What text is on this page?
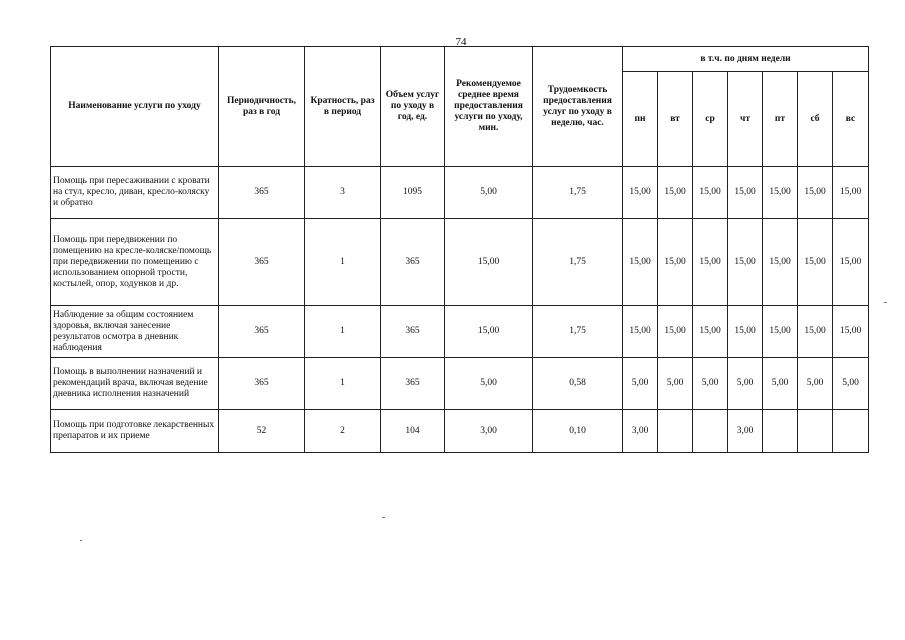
74
Наименование услуги по уходу	Периодичность, раз в год	Кратность, раз в период	Объем услуг по уходу в год, ед.	Рекомендуемое среднее время предоставления услуги по уходу, мин.	Трудоемкость предоставления услуг по уходу в неделю, час.	в т.ч. по дням недели						
						пн	вт	ср	чт	пт	сб	вс
Помощь при пересаживании с кровати на стул, кресло, диван, кресло-коляску и обратно	365	3	1095	5,00	1,75	15,00	15,00	15,00	15,00	15,00	15,00	15,00
Помощь при передвижении по помещению на кресле-коляске/помощь при передвижении по помещению с использованием опорной трости, костылей, опор, ходунков и др.	365	1	365	15,00	1,75	15,00	15,00	15,00	15,00	15,00	15,00	15,00
Наблюдение за общим состоянием здоровья, включая занесение результатов осмотра в дневник наблюдения	365	1	365	15,00	1,75	15,00	15,00	15,00	15,00	15,00	15,00	15,00
Помощь в выполнении назначений и рекомендаций врача, включая ведение дневника исполнения назначений	365	1	365	5,00	0,58	5,00	5,00	5,00	5,00	5,00	5,00	5,00
Помощь при подготовке лекарственных препаратов и их приеме	52	2	104	3,00	0,10	3,00			3,00			
